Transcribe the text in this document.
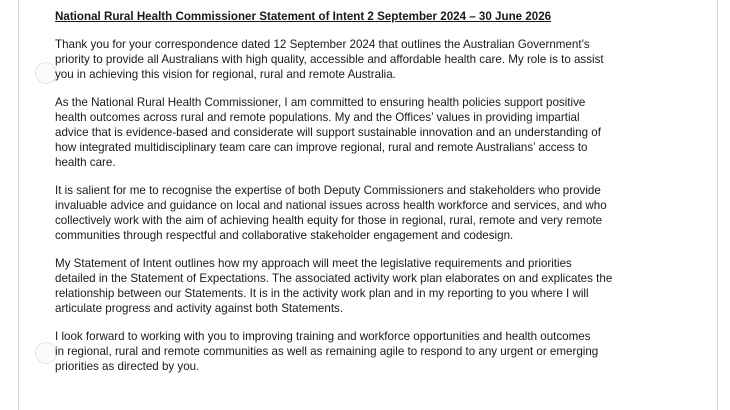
National Rural Health Commissioner Statement of Intent 2 September 2024 – 30 June 2026
Thank you for your correspondence dated 12 September 2024 that outlines the Australian Government’s
priority to provide all Australians with high quality, accessible and affordable health care. My role is to assist
you in achieving this vision for regional, rural and remote Australia.
As the National Rural Health Commissioner, I am committed to ensuring health policies support positive
health outcomes across rural and remote populations. My and the Offices’ values in providing impartial
advice that is evidence-based and considerate will support sustainable innovation and an understanding of
how integrated multidisciplinary team care can improve regional, rural and remote Australians’ access to
health care.
It is salient for me to recognise the expertise of both Deputy Commissioners and stakeholders who provide
invaluable advice and guidance on local and national issues across health workforce and services, and who
collectively work with the aim of achieving health equity for those in regional, rural, remote and very remote
communities through respectful and collaborative stakeholder engagement and codesign.
My Statement of Intent outlines how my approach will meet the legislative requirements and priorities
detailed in the Statement of Expectations. The associated activity work plan elaborates on and explicates the
relationship between our Statements. It is in the activity work plan and in my reporting to you where I will
articulate progress and activity against both Statements.
I look forward to working with you to improving training and workforce opportunities and health outcomes
in regional, rural and remote communities as well as remaining agile to respond to any urgent or emerging
priorities as directed by you.
